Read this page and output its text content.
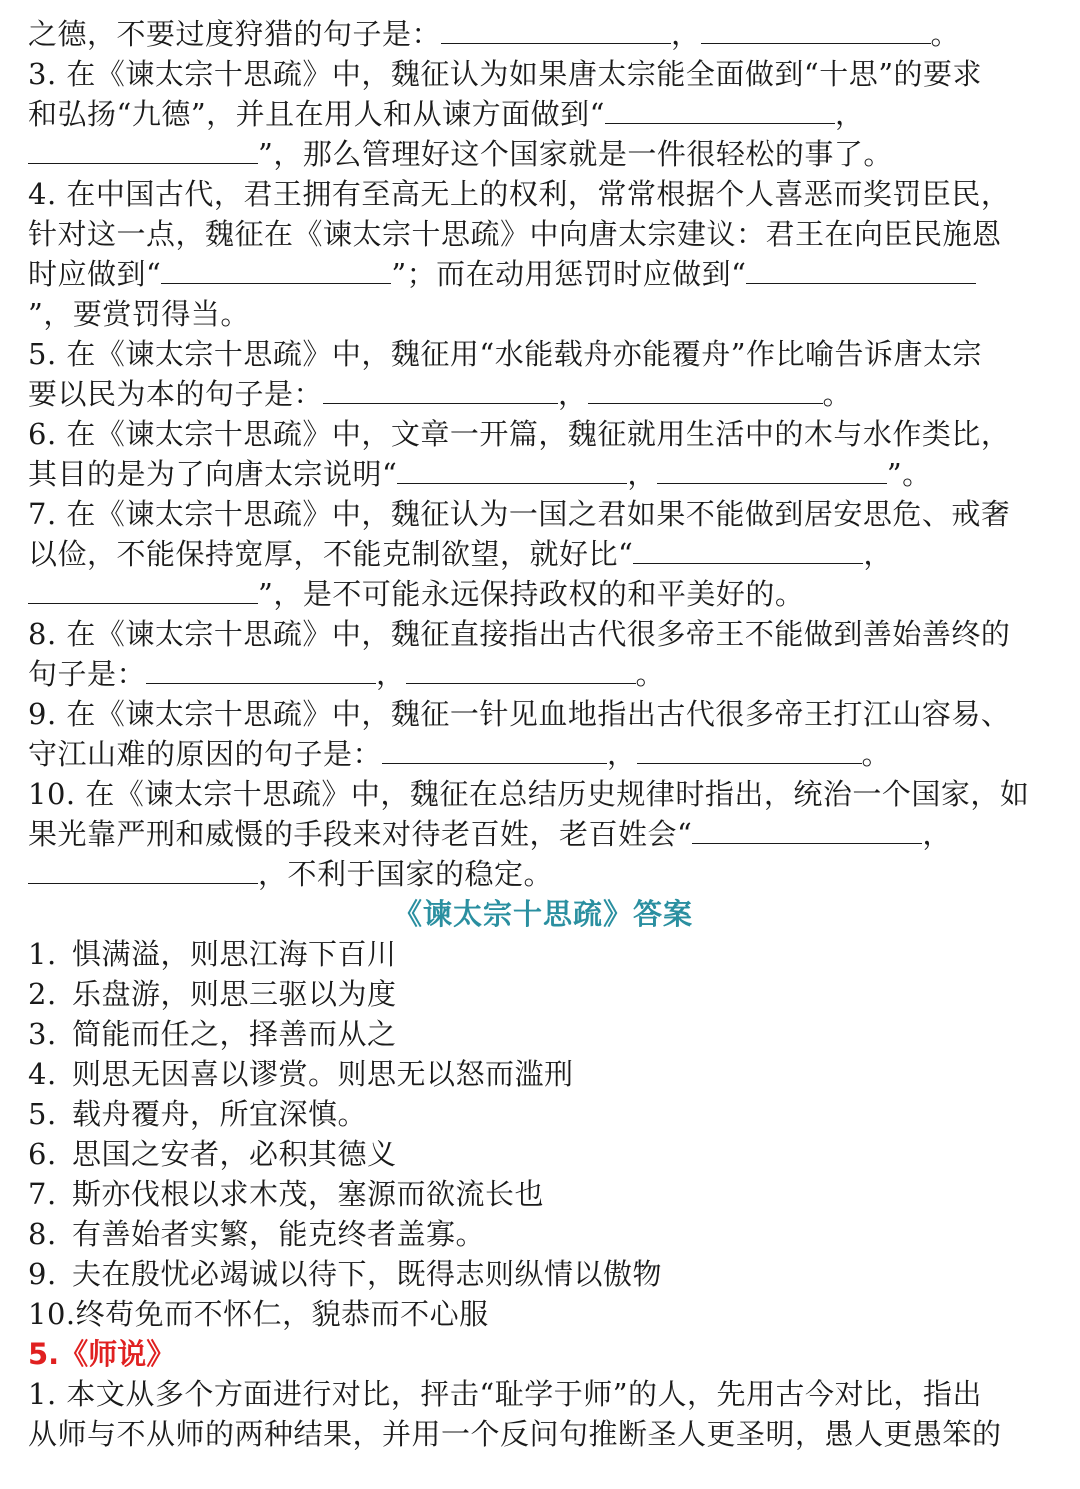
之德，不要过度狩猎的句子是：	，	。
3. 在《谏太宗十思疏》中，魏征认为如果唐太宗能全面做到“十思”的要求
和弘扬“九德”，并且在用人和从谏方面做到“	，
”，那么管理好这个国家就是一件很轻松的事了。
4. 在中国古代，君王拥有至高无上的权利，常常根据个人喜恶而奖罚臣民，
针对这一点，魏征在《谏太宗十思疏》中向唐太宗建议：君王在向臣民施恩
时应做到“	”；而在动用惩罚时应做到“
”，要赏罚得当。
5. 在《谏太宗十思疏》中，魏征用“水能载舟亦能覆舟”作比喻告诉唐太宗
要以民为本的句子是：	，	。
6. 在《谏太宗十思疏》中，文章一开篇，魏征就用生活中的木与水作类比，
其目的是为了向唐太宗说明“	，	”。
7. 在《谏太宗十思疏》中，魏征认为一国之君如果不能做到居安思危、戒奢
以俭，不能保持宽厚，不能克制欲望，就好比“	，
”，是不可能永远保持政权的和平美好的。
8. 在《谏太宗十思疏》中，魏征直接指出古代很多帝王不能做到善始善终的
句子是：	，	。
9. 在《谏太宗十思疏》中，魏征一针见血地指出古代很多帝王打江山容易、
守江山难的原因的句子是：	，	。
10. 在《谏太宗十思疏》中，魏征在总结历史规律时指出，统治一个国家，如
果光靠严刑和威慑的手段来对待老百姓，老百姓会“	，
，不利于国家的稳定。
《谏太宗十思疏》答案
1. 惧满溢，则思江海下百川
2. 乐盘游，则思三驱以为度
3. 简能而任之，择善而从之
4. 则思无因喜以谬赏。则思无以怒而滥刑
5. 载舟覆舟，所宜深慎。
6. 思国之安者，必积其德义
7. 斯亦伐根以求木茂，塞源而欲流长也
8. 有善始者实繁，能克终者盖寡。
9. 夫在殷忧必竭诚以待下，既得志则纵情以傲物
10.终苟免而不怀仁，貌恭而不心服
5.《师说》
1. 本文从多个方面进行对比，抨击“耻学于师”的人，先用古今对比，指出
从师与不从师的两种结果，并用一个反问句推断圣人更圣明，愚人更愚笨的
